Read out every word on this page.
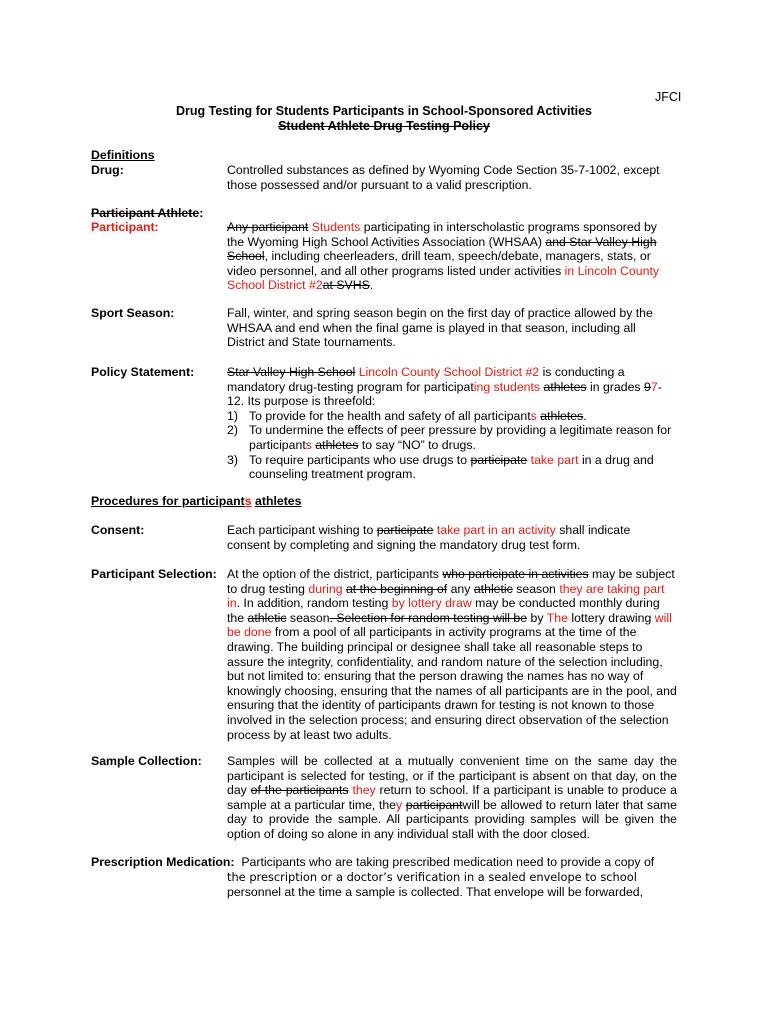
JFCI
Drug Testing for Students Participants in School-Sponsored Activities
Student Athlete Drug Testing Policy
Definitions
Drug:	Controlled substances as defined by Wyoming Code Section 35-7-1002, except those possessed and/or pursuant to a valid prescription.
Participant Athlete:
Participant:	Any participant Students participating in interscholastic programs sponsored by the Wyoming High School Activities Association (WHSAA) and Star Valley High School, including cheerleaders, drill team, speech/debate, managers, stats, or video personnel, and all other programs listed under activities in Lincoln County School District #2at SVHS.
Sport Season:	Fall, winter, and spring season begin on the first day of practice allowed by the WHSAA and end when the final game is played in that season, including all District and State tournaments.
Policy Statement:	Star Valley High School Lincoln County School District #2 is conducting a mandatory drug-testing program for participating students athletes in grades 97-12. Its purpose is threefold:
1) To provide for the health and safety of all participants athletes.
2) To undermine the effects of peer pressure by providing a legitimate reason for participants athletes to say “NO” to drugs.
3) To require participants who use drugs to participate take part in a drug and counseling treatment program.
Procedures for participants athletes
Consent:	Each participant wishing to participate take part in an activity shall indicate consent by completing and signing the mandatory drug test form.
Participant Selection: At the option of the district, participants who participate in activities may be subject to drug testing during at the beginning of any athletic season they are taking part in. In addition, random testing by lottery draw may be conducted monthly during the athletic season. Selection for random testing will be by The lottery drawing will be done from a pool of all participants in activity programs at the time of the drawing. The building principal or designee shall take all reasonable steps to assure the integrity, confidentiality, and random nature of the selection including, but not limited to: ensuring that the person drawing the names has no way of knowingly choosing, ensuring that the names of all participants are in the pool, and ensuring that the identity of participants drawn for testing is not known to those involved in the selection process; and ensuring direct observation of the selection process by at least two adults.
Sample Collection: Samples will be collected at a mutually convenient time on the same day the participant is selected for testing, or if the participant is absent on that day, on the day of the participants they return to school. If a participant is unable to produce a sample at a particular time, they participantwill be allowed to return later that same day to provide the sample. All participants providing samples will be given the option of doing so alone in any individual stall with the door closed.
Prescription Medication: Participants who are taking prescribed medication need to provide a copy of
the prescription or a doctor’s verification in a sealed envelope to school
personnel at the time a sample is collected. That envelope will be forwarded,
